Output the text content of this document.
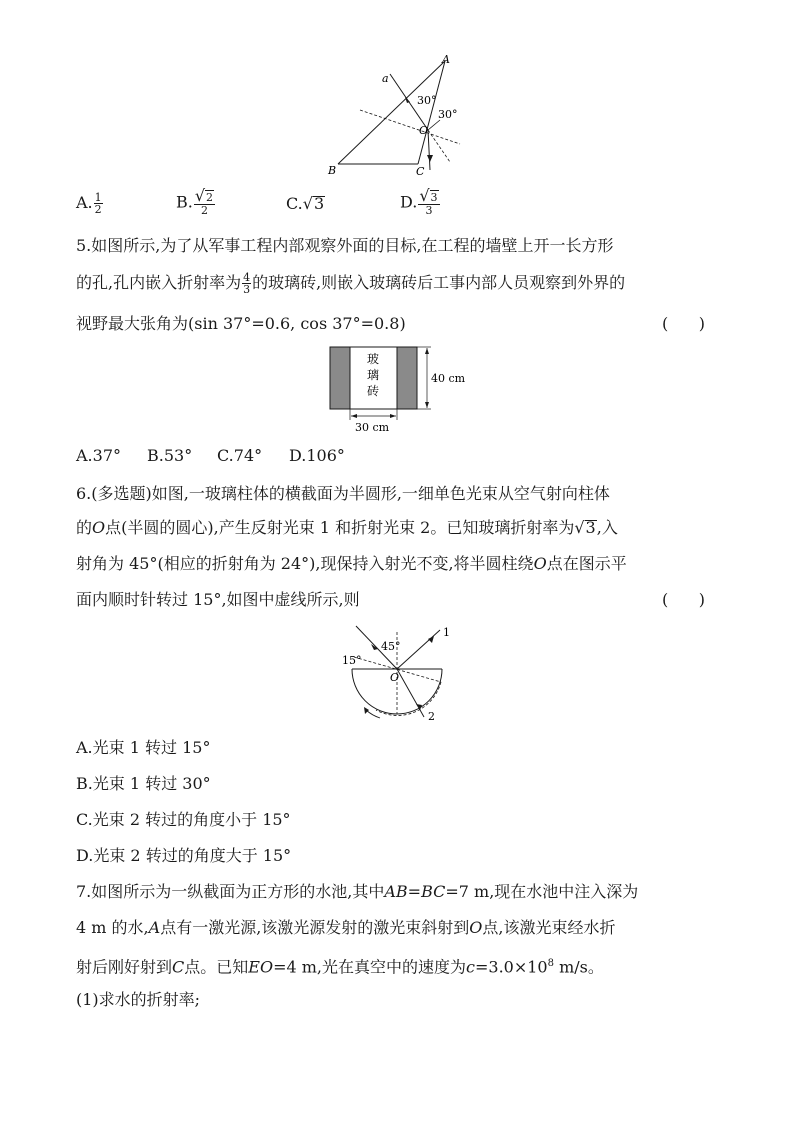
a
A
30°
30°
O
B	C
A. $\frac{1}{2}$	B. $\frac{√2}{2}$	C.√3	D. $\frac{√3}{3}$
5.如图所示,为了从军事工程内部观察外面的目标,在工程的墙壁上开一长方形
的孔,孔内嵌入折射率为 $\frac{4}{3}$ 的玻璃砖,则嵌入玻璃砖后工事内部人员观察到外界的
视野最大张角为(sin 37°=0.6, cos 37°=0.8)	(      )
玻
璃
砖
40 cm
30 cm
A.37° B.53° C.74° D.106°
6.(多选题)如图,一玻璃柱体的横截面为半圆形,一细单色光束从空气射向柱体
的O点(半圆的圆心),产生反射光束 1 和折射光束 2。已知玻璃折射率为√3,入
射角为 45°(相应的折射角为 24°),现保持入射光不变,将半圆柱绕O点在图示平
面内顺时针转过 15°,如图中虚线所示,则	(      )
1
45°
15°
O
2
A.光束 1 转过 15°
B.光束 1 转过 30°
C.光束 2 转过的角度小于 15°
D.光束 2 转过的角度大于 15°
7.如图所示为一纵截面为正方形的水池,其中AB=BC=7 m,现在水池中注入深为
4 m 的水,A点有一激光源,该激光源发射的激光束斜射到O点,该激光束经水折
射后刚好射到C点。已知EO=4 m,光在真空中的速度为$c=3.0\times 10^8$ m/s。
(1)求水的折射率;
